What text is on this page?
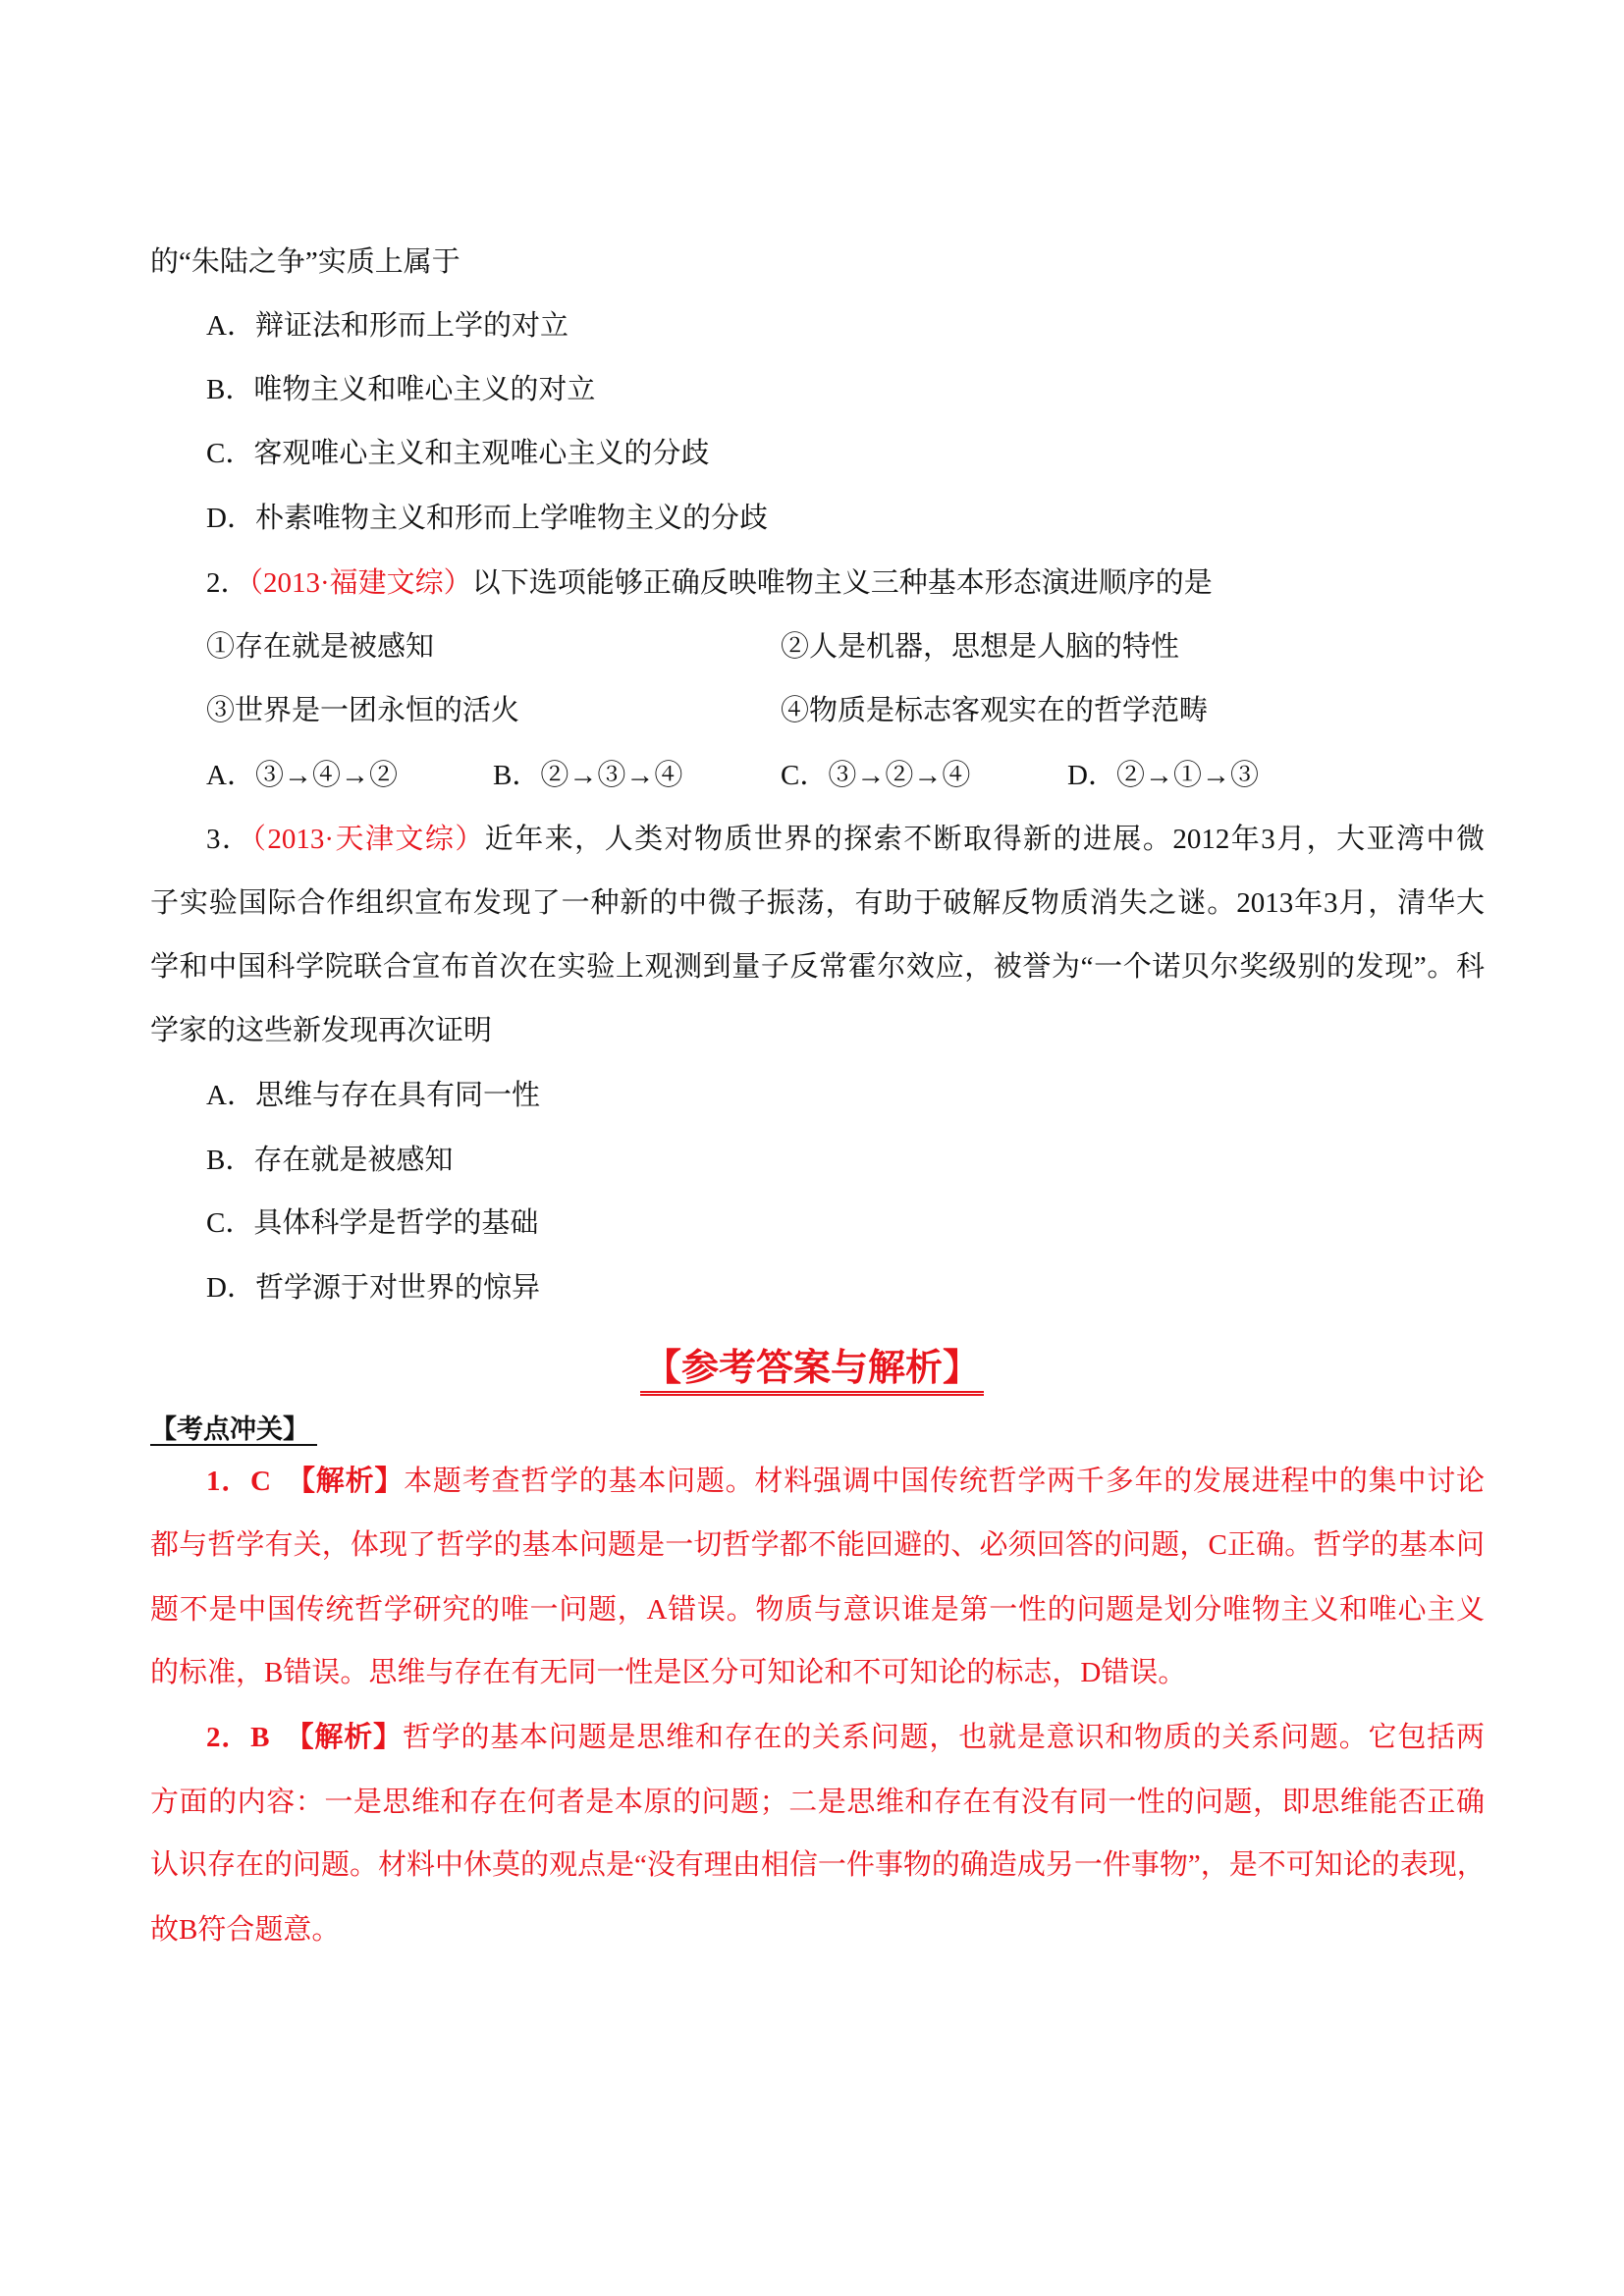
的“朱陆之争”实质上属于
A．辩证法和形而上学的对立
B．唯物主义和唯心主义的对立
C．客观唯心主义和主观唯心主义的分歧
D．朴素唯物主义和形而上学唯物主义的分歧
2．（2013·福建文综）以下选项能够正确反映唯物主义三种基本形态演进顺序的是
①存在就是被感知	②人是机器，思想是人脑的特性
③世界是一团永恒的活火	④物质是标志客观实在的哲学范畴
A．③→④→②	B．②→③→④	C．③→②→④	D．②→①→③
3．（2013·天津文综）近年来，人类对物质世界的探索不断取得新的进展。2012年3月，大亚湾中微
子实验国际合作组织宣布发现了一种新的中微子振荡，有助于破解反物质消失之谜。2013年3月，清华大
学和中国科学院联合宣布首次在实验上观测到量子反常霍尔效应，被誉为“一个诺贝尔奖级别的发现”。科
学家的这些新发现再次证明
A．思维与存在具有同一性
B．存在就是被感知
C．具体科学是哲学的基础
D．哲学源于对世界的惊异
【参考答案与解析】
【考点冲关】
1．C　【解析】本题考查哲学的基本问题。材料强调中国传统哲学两千多年的发展进程中的集中讨论
都与哲学有关，体现了哲学的基本问题是一切哲学都不能回避的、必须回答的问题，C正确。哲学的基本问
题不是中国传统哲学研究的唯一问题，A错误。物质与意识谁是第一性的问题是划分唯物主义和唯心主义
的标准，B错误。思维与存在有无同一性是区分可知论和不可知论的标志，D错误。
2．B　【解析】哲学的基本问题是思维和存在的关系问题，也就是意识和物质的关系问题。它包括两
方面的内容：一是思维和存在何者是本原的问题；二是思维和存在有没有同一性的问题，即思维能否正确
认识存在的问题。材料中休莫的观点是“没有理由相信一件事物的确造成另一件事物”，是不可知论的表现，
故B符合题意。
